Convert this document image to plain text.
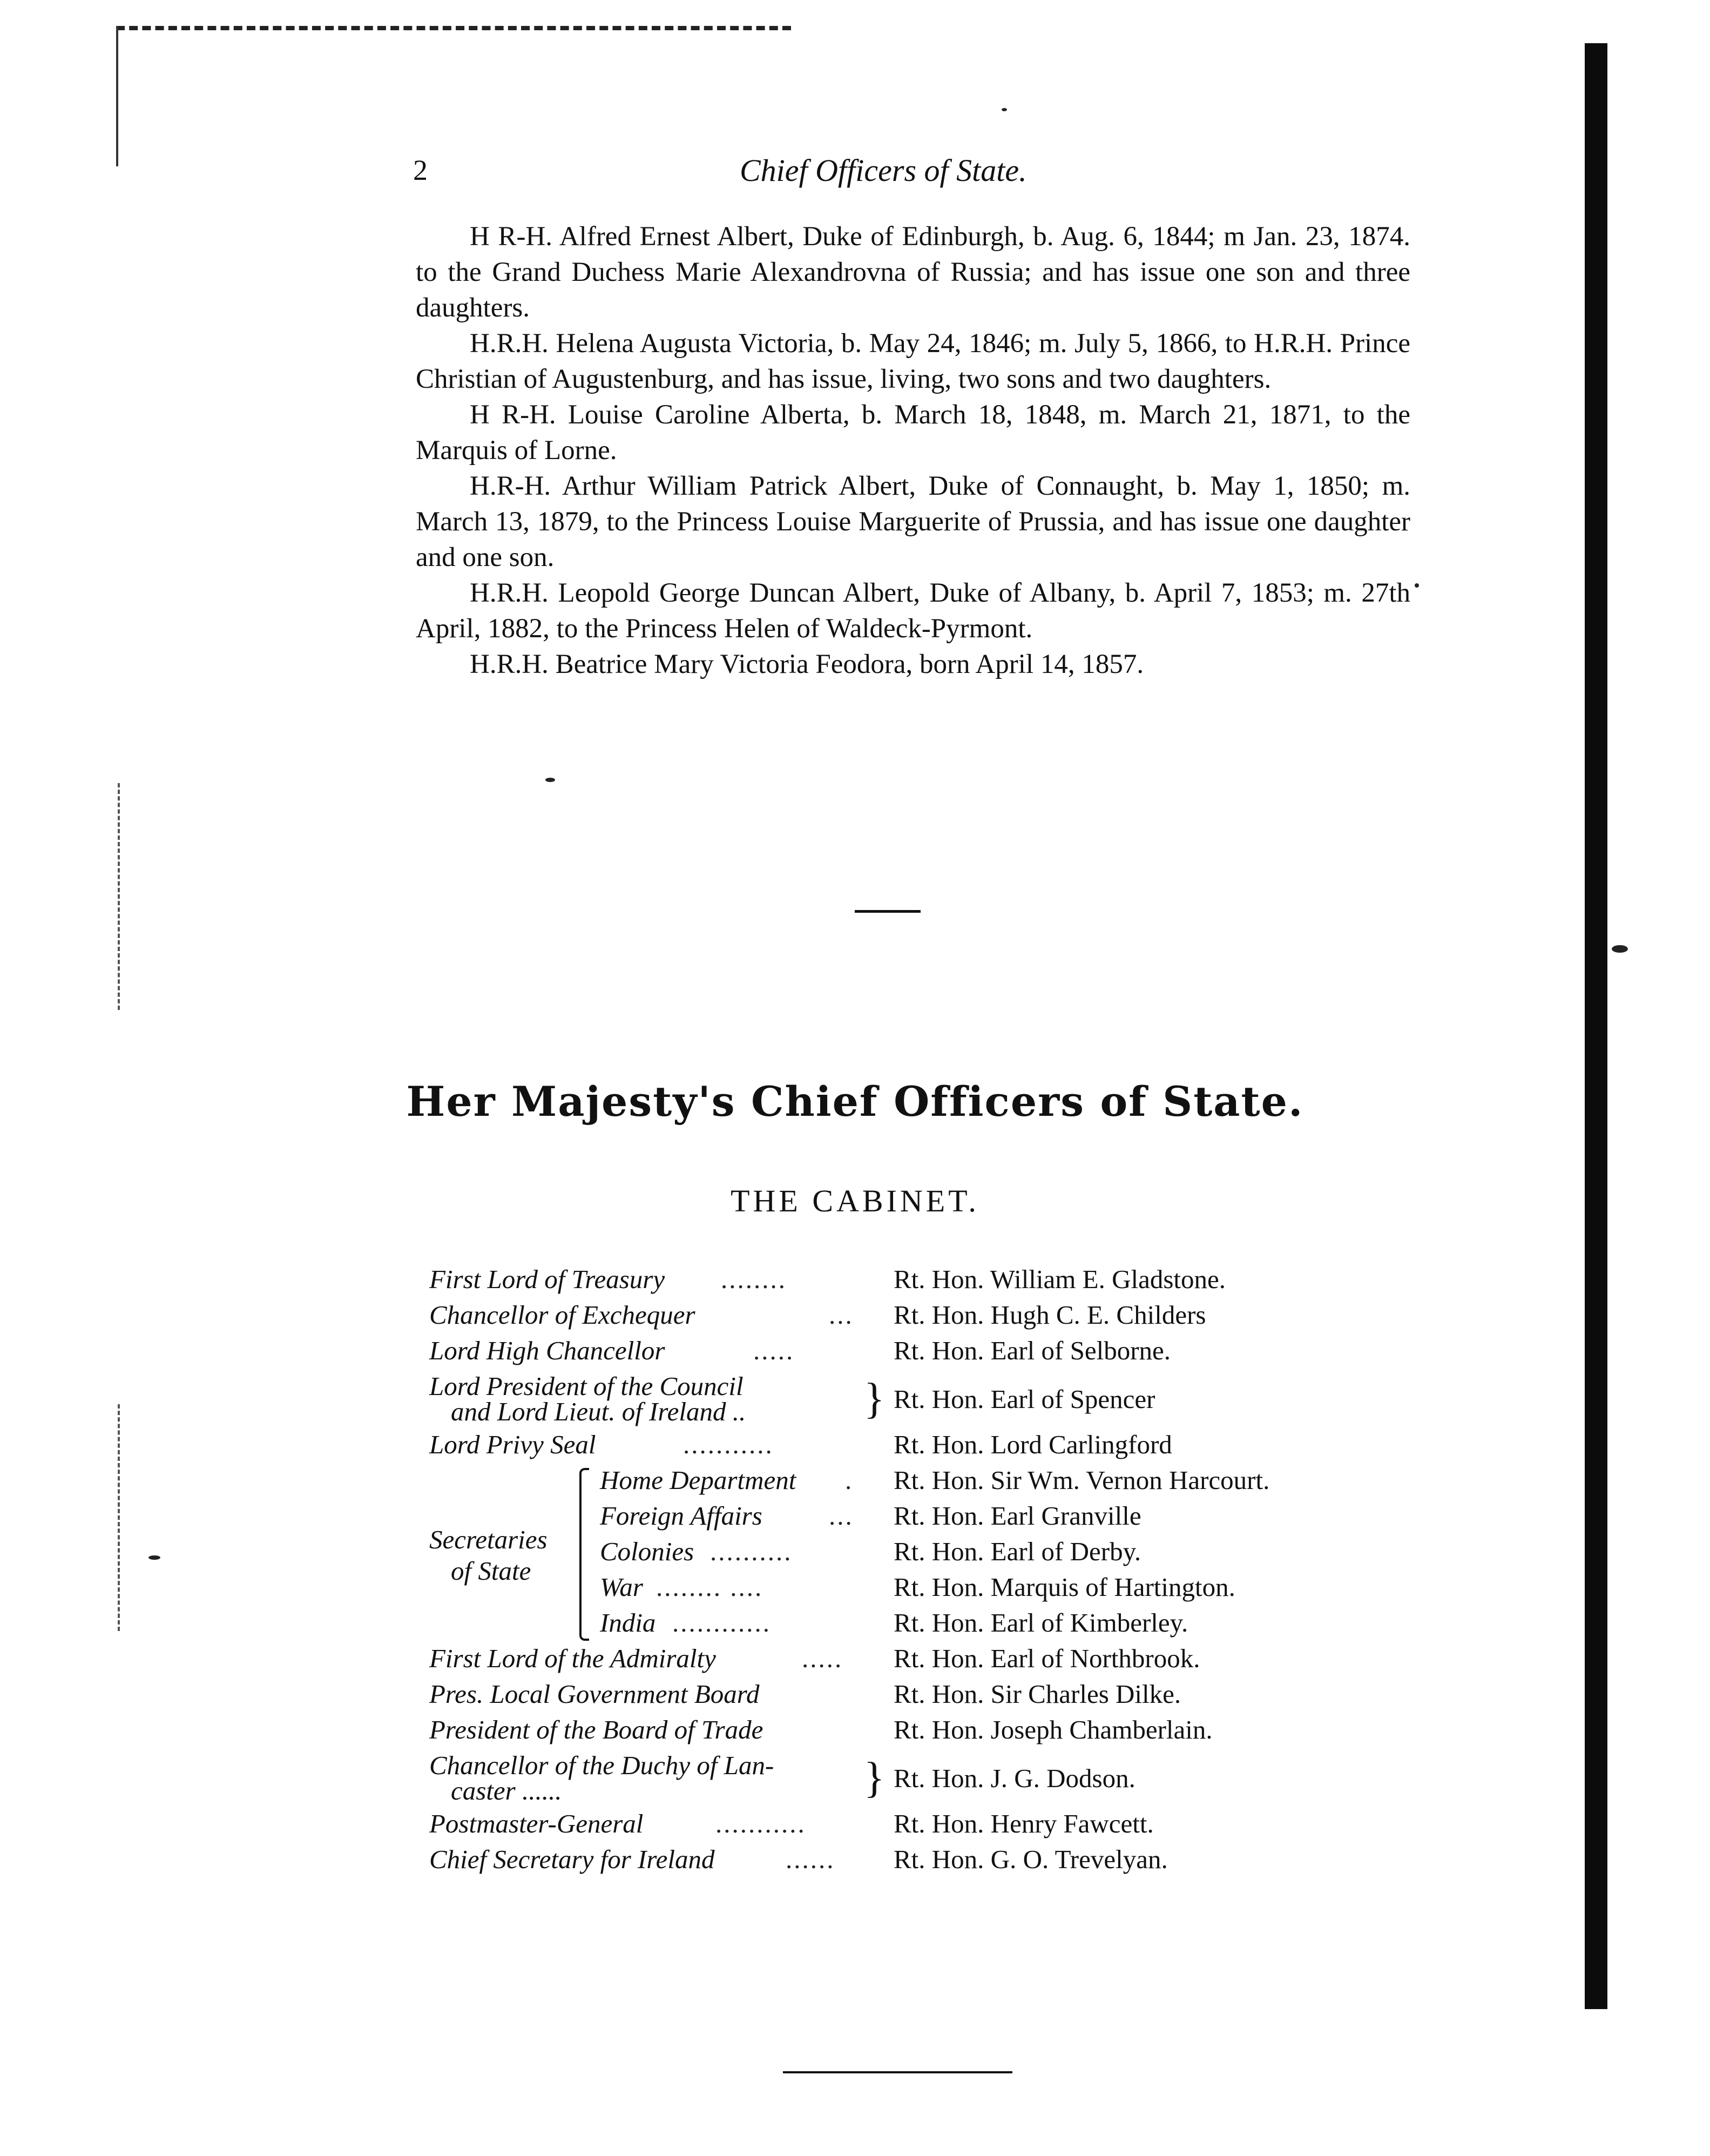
2	Chief Officers of State.

H R-H. Alfred Ernest Albert, Duke of Edinburgh, b. Aug. 6, 1844; m Jan. 23, 1874. to the Grand Duchess Marie Alexandrovna of Russia; and has issue one son and three daughters.

H.R.H. Helena Augusta Victoria, b. May 24, 1846; m. July 5, 1866, to H.R.H. Prince Christian of Augustenburg, and has issue, living, two sons and two daughters.

H R-H. Louise Caroline Alberta, b. March 18, 1848, m. March 21, 1871, to the Marquis of Lorne.

H.R-H. Arthur William Patrick Albert, Duke of Connaught, b. May 1, 1850; m. March 13, 1879, to the Princess Louise Marguerite of Prussia, and has issue one daughter and one son.

H.R.H. Leopold George Duncan Albert, Duke of Albany, b. April 7, 1853; m. 27th April, 1882, to the Princess Helen of Waldeck-Pyrmont.

H.R.H. Beatrice Mary Victoria Feodora, born April 14, 1857.

Her Majesty's Chief Officers of State.
THE CABINET.
First Lord of Treasury ........	Rt. Hon. William E. Gladstone.
Chancellor of Exchequer	... Rt. Hon. Hugh C. E. Childers
Lord High Chancellor	.....	Rt. Hon. Earl of Selborne.
Lord President of the Council
and Lord Lieut. of Ireland ..	} Rt. Hon. Earl of Spencer
Lord Privy Seal	...........	Rt. Hon. Lord Carlingford
Secretaries
of State
Home Department . Rt. Hon. Sir Wm. Vernon Harcourt.
Foreign Affairs	... Rt. Hon. Earl Granville
Colonies ..........	Rt. Hon. Earl of Derby.
War ........ ....	Rt. Hon. Marquis of Hartington.
India ............	Rt. Hon. Earl of Kimberley.
First Lord of the Admiralty	..... Rt. Hon. Earl of Northbrook.
Pres. Local Government Board	Rt. Hon. Sir Charles Dilke.
President of the Board of Trade	Rt. Hon. Joseph Chamberlain.
Chancellor of the Duchy of Lan-
caster ......	} Rt. Hon. J. G. Dodson.
Postmaster-General	...........	Rt. Hon. Henry Fawcett.
Chief Secretary for Ireland	...... Rt. Hon. G. O. Trevelyan.
